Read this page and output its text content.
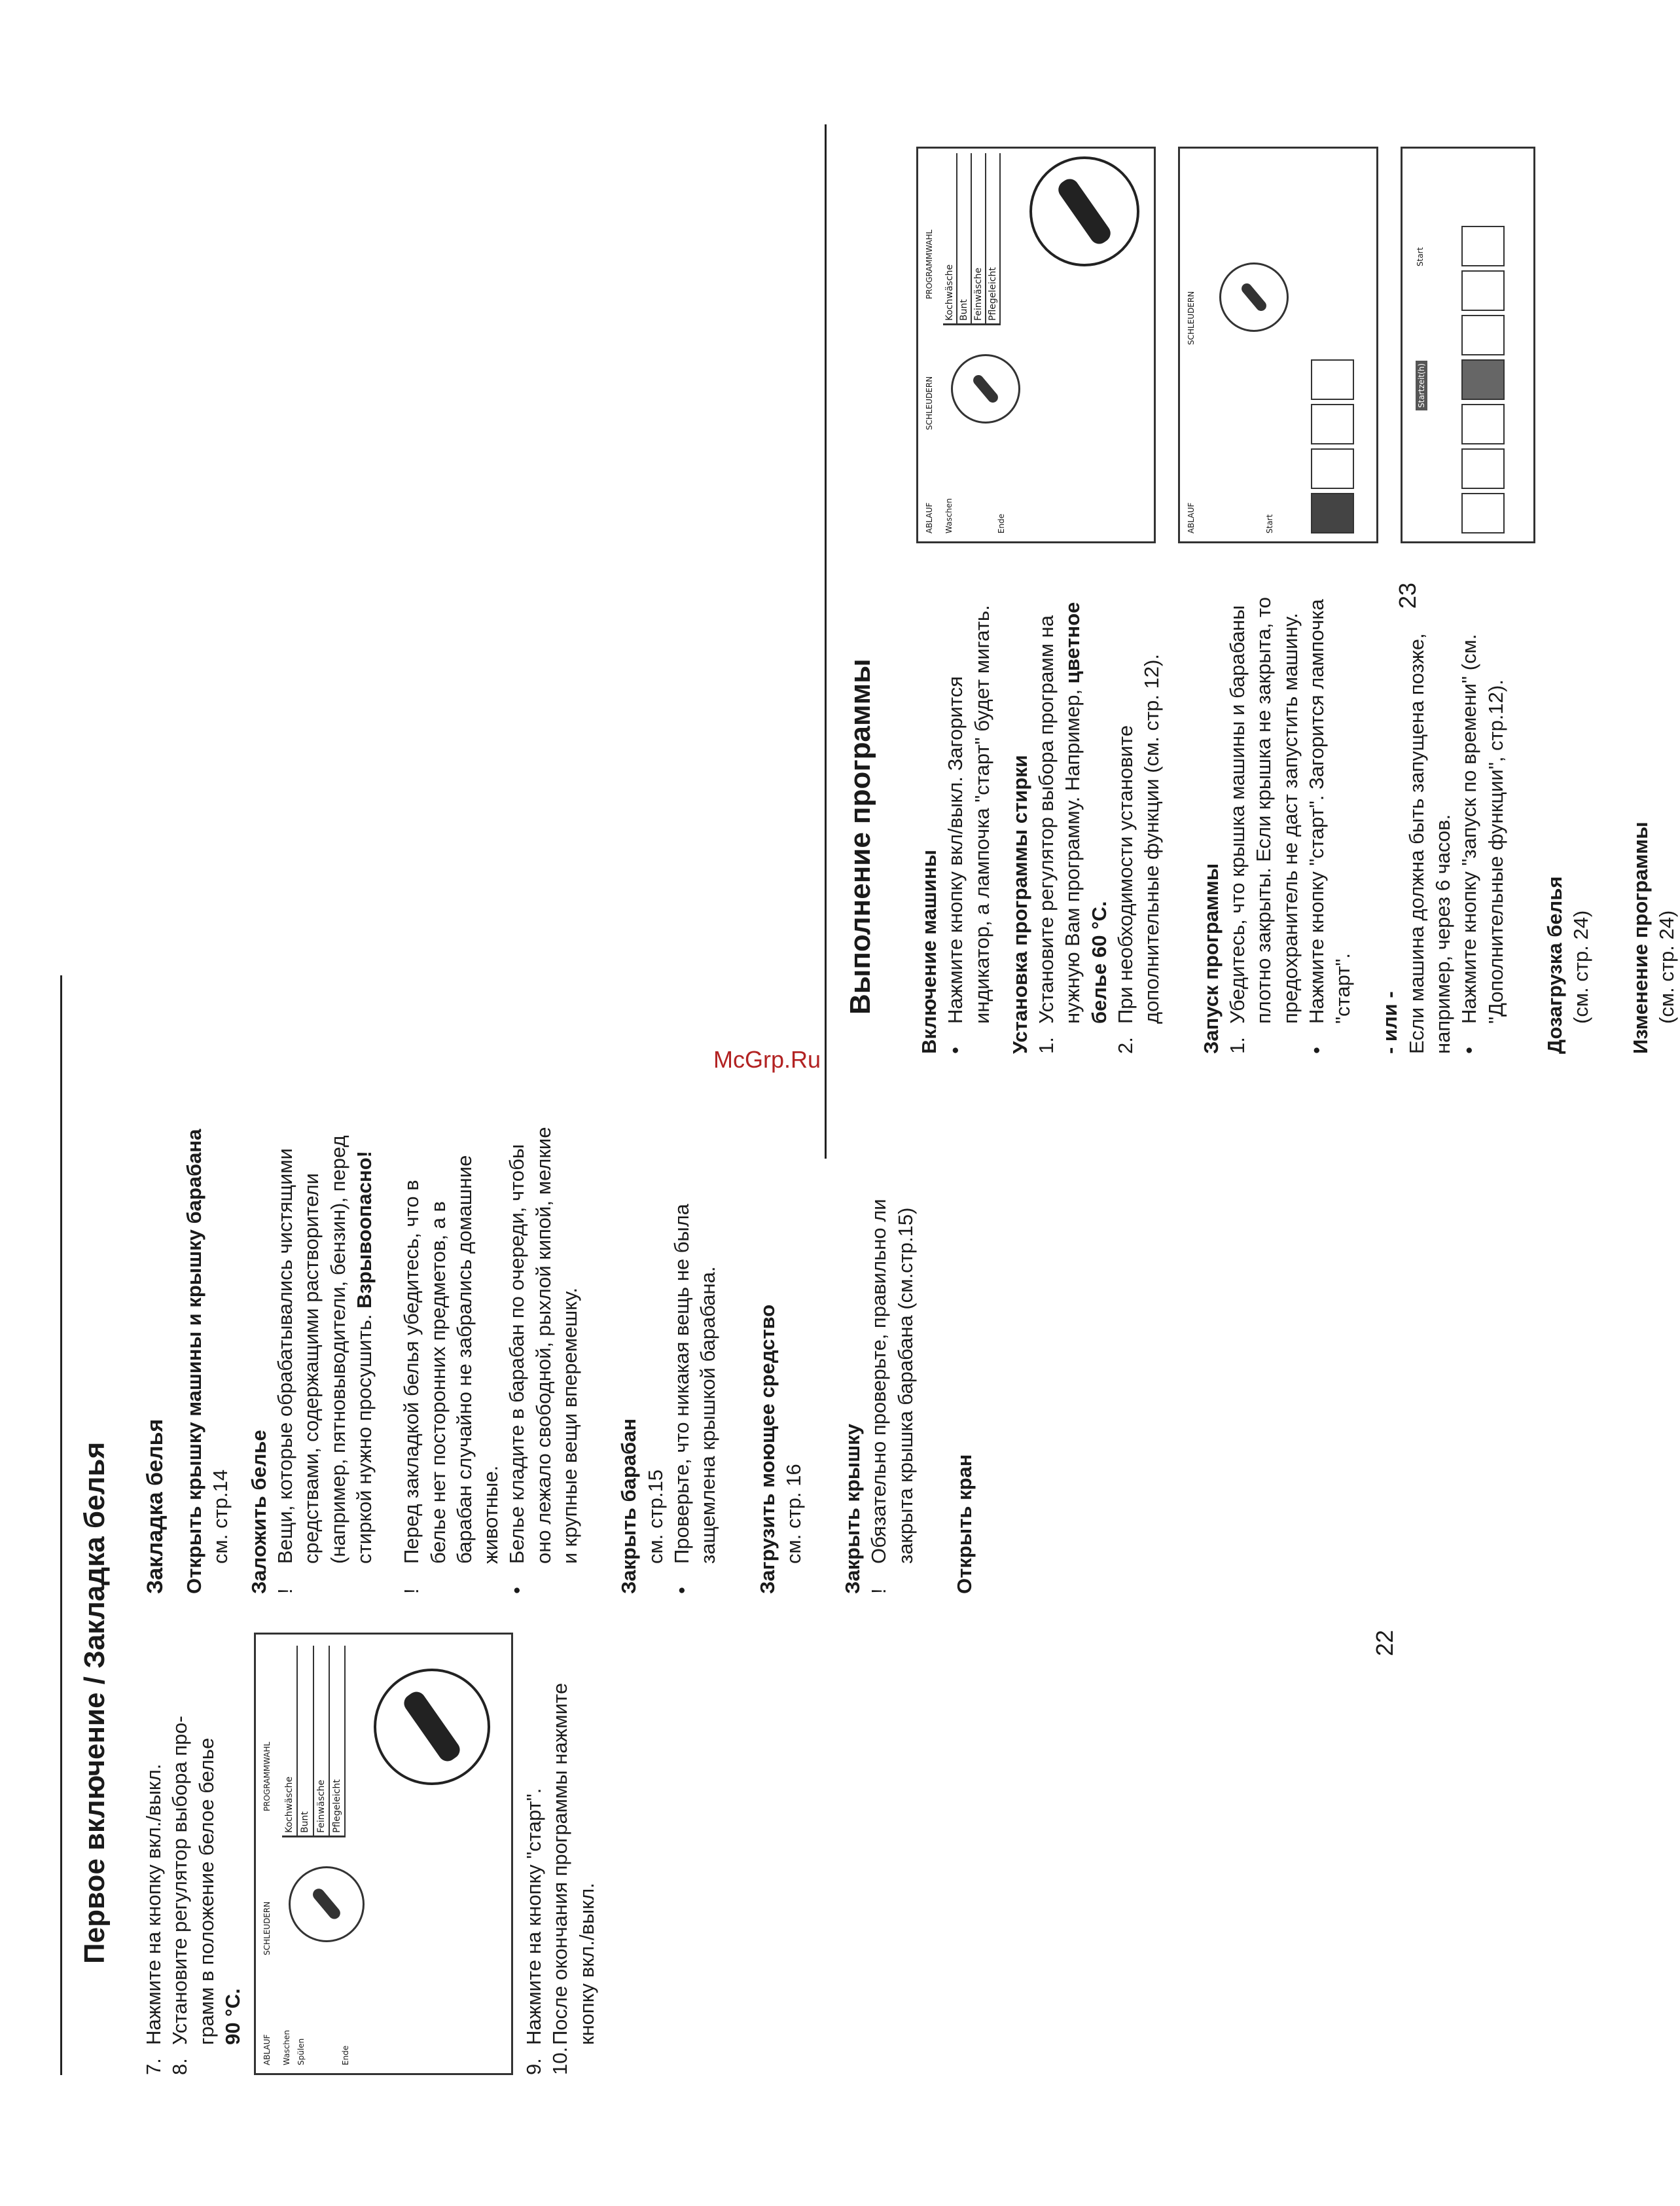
Первое включение / Закладка белья
7.
Нажмите на кнопку вкл./выкл.
8.

Установите регулятор выбора про- грамм в положение белое белье 90 °C.

ABLAUF
SCHLEUDERN
PROGRAMMWAHL
Waschen Spülen	Ende
Kochwäsche Bunt Feinwäsche Pflegeleicht
9.
Нажмите на кнопку "старт".
10.
После окончания программы нажмите кнопку вкл./выкл.

Закладка белья Открыть крышку машины и крышку барабана см. стр.14 Заложить белье !
Вещи, которые обрабатывались чистящими средствами, содержащими растворители (например, пятновыводители, бензин), перед стиркой нужно просушить. Взрывоопасно!
!
Перед закладкой белья убедитесь, что в белье нет посторонних предметов, а в барабан случайно не забрались домашние животные.
•
Белье кладите в барабан по очереди, чтобы оно лежало свободной, рыхлой кипой, мелкие и крупные вещи вперемешку. Закрыть барабан см. стр.15

•
Проверьте, что никакая вещь не была защемлена крышкой барабана. Загрузить моющее средство см. стр. 16 Закрыть крышку !
Обязательно проверьте, правильно ли закрыта крышка барабана (см.стр.15) Открыть кран

22
Выполнение программы Включение машины •
Нажмите кнопку вкл/выкл. Загорится индикатор, а лампочка "старт" будет мигать. Установка программы стирки 1.
Установите регулятор выбора программ на нужную Вам программу. Например, цветное белье 60 °C.
2.
При необходимости установите дополнительные функции (см. стр. 12). Запуск программы 1.
Убедитесь, что крышка машины и барабаны плотно закрыты. Если крышка не закрыта, то предохранитель не даст запустить машину.
•
Нажмите кнопку "старт". Загорится лампочка "старт". - или - Если машина должна быть запущена позже, например, через 6 часов. •
Нажмите кнопку "запуск по времени" (см. "Дополнительные функции", стр.12). Дозагрузка белья (см. стр. 24) Изменение программы (см. стр. 24)

ABLAUF
SCHLEUDERN
PROGRAMMWAHL
Waschen	Ende
Kochwäsche Bunt Feinwäsche Pflegeleicht
ABLAUF
SCHLEUDERN
Start
Startzeit(h)
Start
23
McGrp.Ru
